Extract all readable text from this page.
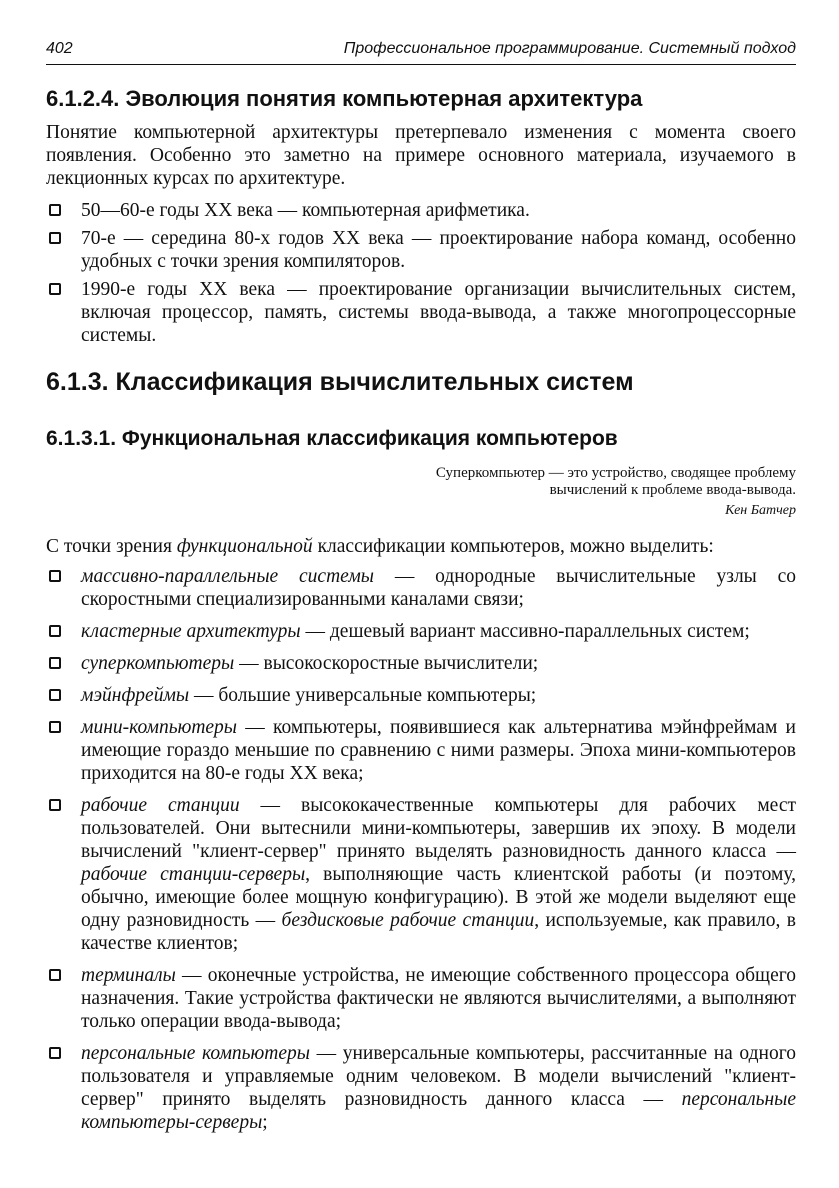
402	Профессиональное программирование. Системный подход
6.1.2.4. Эволюция понятия компьютерная архитектура

Понятие компьютерной архитектуры претерпевало изменения с момента своего появления. Особенно это заметно на примере основного материала, изучаемого в лекционных курсах по архитектуре.

50—60-е годы XX века — компьютерная арифметика.
70-е — середина 80-х годов XX века — проектирование набора команд, особенно удобных с точки зрения компиляторов.
1990-е годы XX века — проектирование организации вычислительных систем, включая процессор, память, системы ввода-вывода, а также многопроцессорные системы.
6.1.3. Классификация вычислительных систем
6.1.3.1. Функциональная классификация компьютеров
Суперкомпьютер — это устройство, сводящее проблему
вычислений к проблеме ввода-вывода.
Кен Батчер

С точки зрения функциональной классификации компьютеров, можно выделить:

массивно-параллельные системы — однородные вычислительные узлы со скоростными специализированными каналами связи;
кластерные архитектуры — дешевый вариант массивно-параллельных систем;
суперкомпьютеры — высокоскоростные вычислители;
мэйнфреймы — большие универсальные компьютеры;
мини-компьютеры — компьютеры, появившиеся как альтернатива мэйнфреймам и имеющие гораздо меньшие по сравнению с ними размеры. Эпоха мини-компьютеров приходится на 80-е годы XX века;
рабочие станции — высококачественные компьютеры для рабочих мест пользователей. Они вытеснили мини-компьютеры, завершив их эпоху. В модели вычислений "клиент-сервер" принято выделять разновидность данного класса — рабочие станции-серверы, выполняющие часть клиентской работы (и поэтому, обычно, имеющие более мощную конфигурацию). В этой же модели выделяют еще одну разновидность — бездисковые рабочие станции, используемые, как правило, в качестве клиентов;
терминалы — оконечные устройства, не имеющие собственного процессора общего назначения. Такие устройства фактически не являются вычислителями, а выполняют только операции ввода-вывода;
персональные компьютеры — универсальные компьютеры, рассчитанные на одного пользователя и управляемые одним человеком. В модели вычислений "клиент-сервер" принято выделять разновидность данного класса — персональные компьютеры-серверы;
